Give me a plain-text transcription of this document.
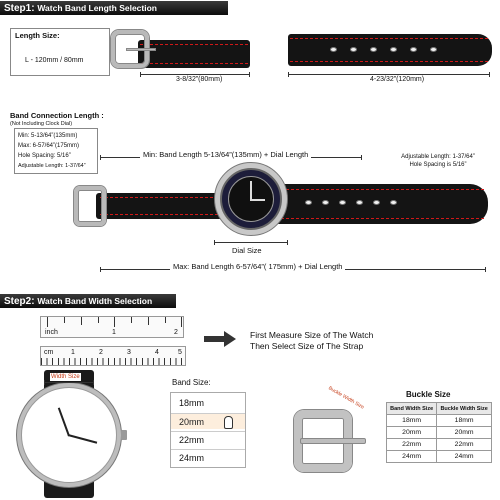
Step1: Watch Band Length Selection
Length Size:
L - 120mm / 80mm
3-8/32”(80mm)	4-23/32”(120mm)
Band Connection Length :
(Not Including Clock Dial)
Min: 5-13/64”(135mm)
Max: 6-57/64”(175mm)
Hole Spacing: 5/16”
Adjustable Length: 1-37/64”
Min: Band Length 5-13/64”(135mm) + Dial Length	Adjustable Length: 1-37/64”
Hole Spacing is 5/16”
Dial Size
Max: Band Length 6-57/64”( 175mm) + Dial Length
Step2: Watch Band Width Selection
inch	1	2
cm	1	2	3	4	5
First Measure Size of The Watch
Then Select Size of The Strap
Width Size
Band Size:
18mm
20mm
22mm
24mm
Buckle Width Size	Buckle Size
Band Width Size	Buckle Width Size
18mm	18mm
20mm	20mm
22mm	22mm
24mm	24mm
